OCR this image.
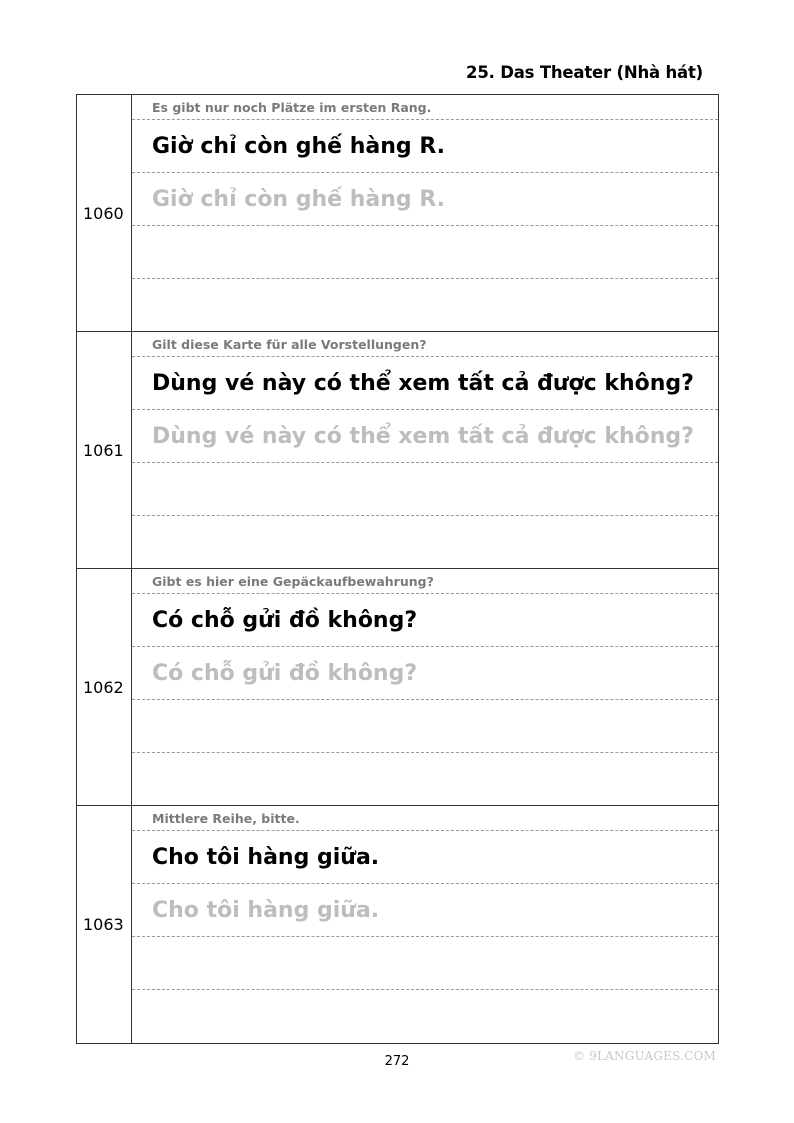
25. Das Theater (Nhà hát)
1060
Es gibt nur noch Plätze im ersten Rang.
Giờ chỉ còn ghế hàng R.
Giờ chỉ còn ghế hàng R.
1061
Gilt diese Karte für alle Vorstellungen?
Dùng vé này có thể xem tất cả được không?
Dùng vé này có thể xem tất cả được không?
1062
Gibt es hier eine Gepäckaufbewahrung?
Có chỗ gửi đồ không?
Có chỗ gửi đồ không?
1063
Mittlere Reihe, bitte.
Cho tôi hàng giữa.
Cho tôi hàng giữa.
272	© 9LANGUAGES.COM
